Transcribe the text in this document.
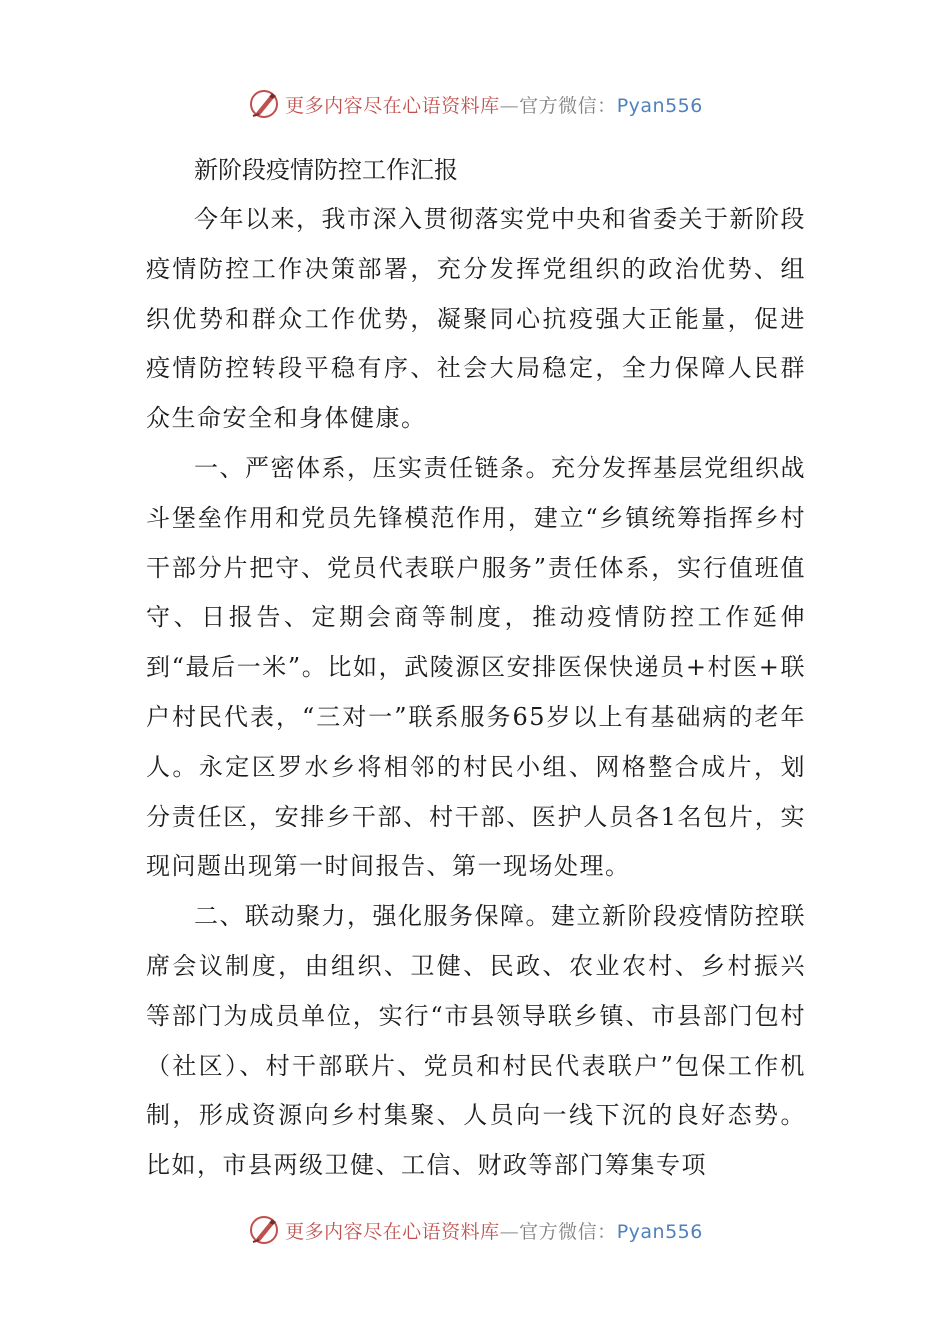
更多内容尽在心语资料库—官方微信：Pyan556
新阶段疫情防控工作汇报

今年以来，我市深入贯彻落实党中央和省委关于新阶段疫情防控工作决策部署，充分发挥党组织的政治优势、组织优势和群众工作优势，凝聚同心抗疫强大正能量，促进疫情防控转段平稳有序、社会大局稳定，全力保障人民群众生命安全和身体健康。

一、严密体系，压实责任链条。充分发挥基层党组织战斗堡垒作用和党员先锋模范作用，建立“乡镇统筹指挥乡村干部分片把守、党员代表联户服务”责任体系，实行值班值守、日报告、定期会商等制度，推动疫情防控工作延伸到“最后一米”。比如，武陵源区安排医保快递员+村医+联户村民代表，“三对一”联系服务65岁以上有基础病的老年人。永定区罗水乡将相邻的村民小组、网格整合成片，划分责任区，安排乡干部、村干部、医护人员各1名包片，实现问题出现第一时间报告、第一现场处理。

二、联动聚力，强化服务保障。建立新阶段疫情防控联席会议制度，由组织、卫健、民政、农业农村、乡村振兴等部门为成员单位，实行“市县领导联乡镇、市县部门包村（社区）、村干部联片、党员和村民代表联户”包保工作机制，形成资源向乡村集聚、人员向一线下沉的良好态势。比如，市县两级卫健、工信、财政等部门筹集专项

更多内容尽在心语资料库—官方微信：Pyan556
